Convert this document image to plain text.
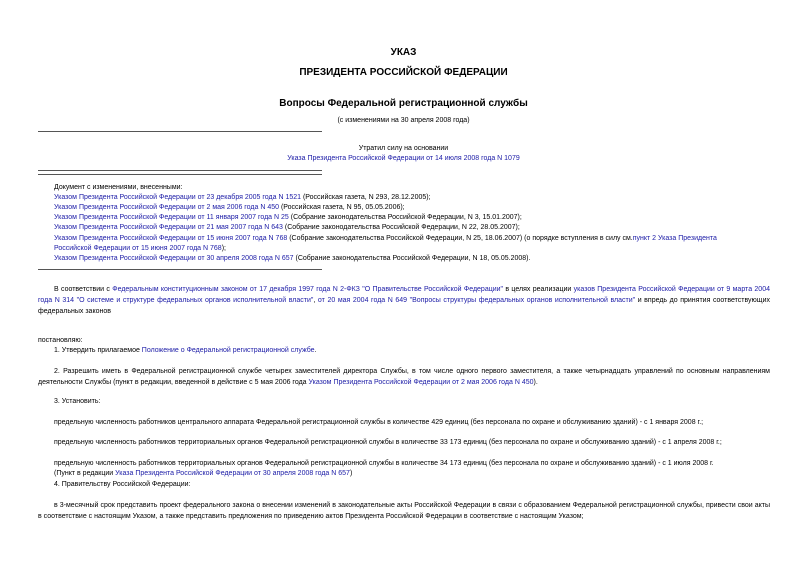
УКАЗ
ПРЕЗИДЕНТА РОССИЙСКОЙ ФЕДЕРАЦИИ
Вопросы Федеральной регистрационной службы
(с изменениями на 30 апреля 2008 года)
Утратил силу на основании
Указа Президента Российской Федерации от 14 июля 2008 года N 1079
Документ с изменениями, внесенными:
Указом Президента Российской Федерации от 23 декабря 2005 года N 1521 (Российская газета, N 293, 28.12.2005);
Указом Президента Российской Федерации от 2 мая 2006 года N 450 (Российская газета, N 95, 05.05.2006);
Указом Президента Российской Федерации от 11 января 2007 года N 25 (Собрание законодательства Российской Федерации, N 3, 15.01.2007);
Указом Президента Российской Федерации от 21 мая 2007 года N 643 (Собрание законодательства Российской Федерации, N 22, 28.05.2007);
Указом Президента Российской Федерации от 15 июня 2007 года N 768 (Собрание законодательства Российской Федерации, N 25, 18.06.2007) (о порядке вступления в силу см.пункт 2 Указа Президента
Российской Федерации от 15 июня 2007 года N 768);
Указом Президента Российской Федерации от 30 апреля 2008 года N 657 (Собрание законодательства Российской Федерации, N 18, 05.05.2008).
В соответствии с Федеральным конституционным законом от 17 декабря 1997 года N 2-ФКЗ "О Правительстве Российской Федерации" в целях реализации указов Президента Российской Федерации от 9 марта 2004 года N 314 "О системе и структуре федеральных органов исполнительной власти", от 20 мая 2004 года N 649 "Вопросы структуры федеральных органов исполнительной власти" и впредь до принятия соответствующих федеральных законов
постановляю:
1. Утвердить прилагаемое Положение о Федеральной регистрационной службе.
2. Разрешить иметь в Федеральной регистрационной службе четырех заместителей директора Службы, в том числе одного первого заместителя, а также четырнадцать управлений по основным направлениям деятельности Службы (пункт в редакции, введенной в действие с 5 мая 2006 года Указом Президента Российской Федерации от 2 мая 2006 года N 450).
3. Установить:
предельную численность работников центрального аппарата Федеральной регистрационной службы в количестве 429 единиц (без персонала по охране и обслуживанию зданий) - с 1 января 2008 г.;
предельную численность работников территориальных органов Федеральной регистрационной службы в количестве 33 173 единиц (без персонала по охране и обслуживанию зданий) - с 1 апреля 2008 г.;
предельную численность работников территориальных органов Федеральной регистрационной службы в количестве 34 173 единиц (без персонала по охране и обслуживанию зданий) - с 1 июля 2008 г.
(Пункт в редакции Указа Президента Российской Федерации от 30 апреля 2008 года N 657)
4. Правительству Российской Федерации:
в 3-месячный срок представить проект федерального закона о внесении изменений в законодательные акты Российской Федерации в связи с образованием Федеральной регистрационной службы, привести свои акты в соответствие с настоящим Указом, а также представить предложения по приведению актов Президента Российской Федерации в соответствие с настоящим Указом;
